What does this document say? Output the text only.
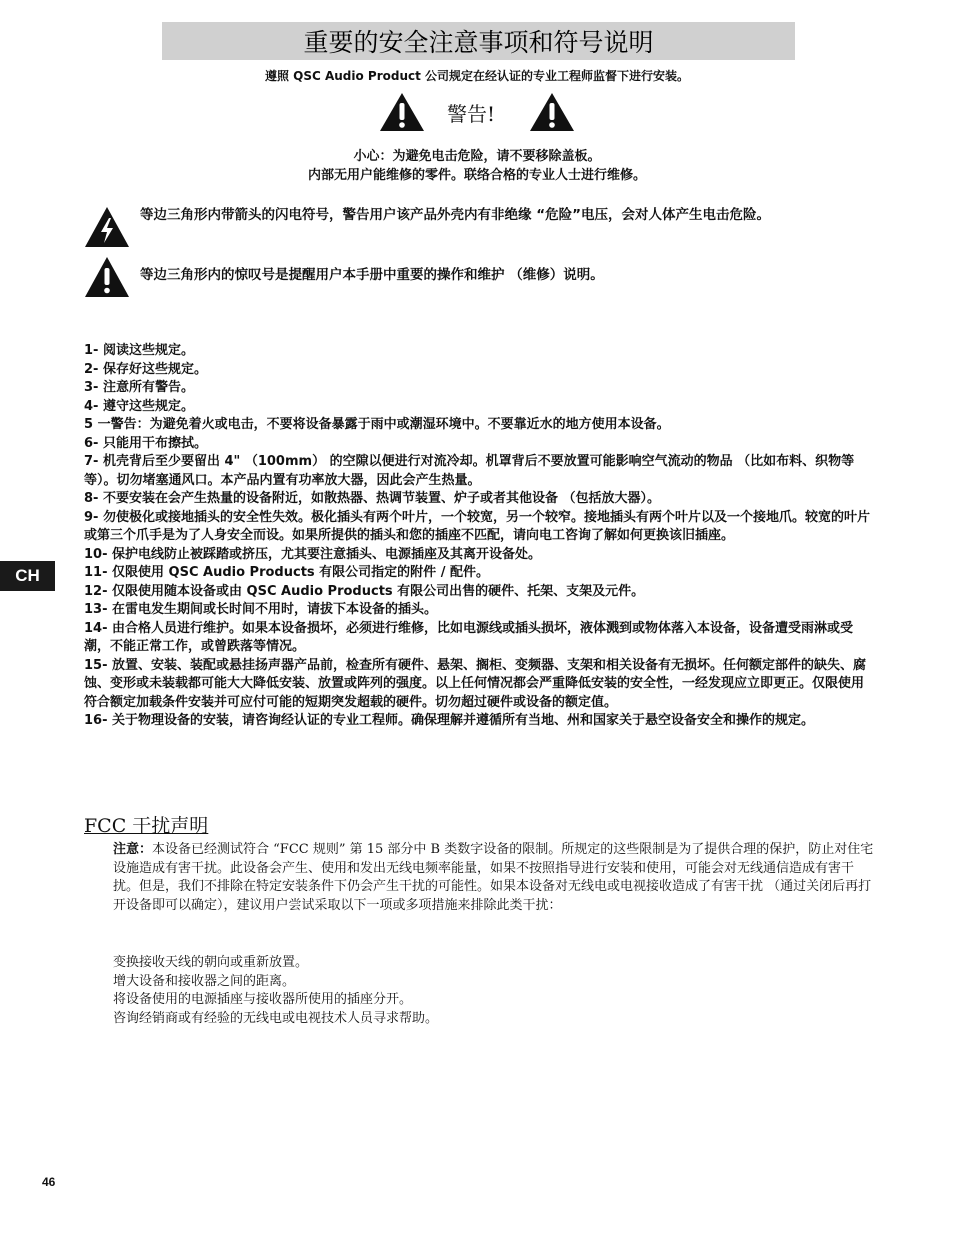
重要的安全注意事项和符号说明
遵照 QSC Audio Product 公司规定在经认证的专业工程师监督下进行安装。
警告!
小心：为避免电击危险，请不要移除盖板。
内部无用户能维修的零件。联络合格的专业人士进行维修。
等边三角形内带箭头的闪电符号，警告用户该产品外壳内有非绝缘 “危险”电压，会对人体产生电击危险。
等边三角形内的惊叹号是提醒用户本手册中重要的操作和维护 （维修）说明。
1- 阅读这些规定。
2- 保存好这些规定。
3- 注意所有警告。
4- 遵守这些规定。
5 一警告：为避免着火或电击，不要将设备暴露于雨中或潮湿环境中。不要靠近水的地方使用本设备。
6- 只能用干布擦拭。
7- 机壳背后至少要留出 4" （100mm） 的空隙以便进行对流冷却。机罩背后不要放置可能影响空气流动的物品 （比如布料、织物等等）。切勿堵塞通风口。本产品内置有功率放大器，因此会产生热量。
8- 不要安装在会产生热量的设备附近，如散热器、热调节装置、炉子或者其他设备 （包括放大器）。
9- 勿使极化或接地插头的安全性失效。极化插头有两个叶片，一个较宽，另一个较窄。接地插头有两个叶片以及一个接地爪。较宽的叶片或第三个爪手是为了人身安全而设。如果所提供的插头和您的插座不匹配，请向电工咨询了解如何更换该旧插座。
10- 保护电线防止被踩踏或挤压，尤其要注意插头、电源插座及其离开设备处。
11- 仅限使用 QSC Audio Products 有限公司指定的附件 / 配件。
12- 仅限使用随本设备或由 QSC Audio Products 有限公司出售的硬件、托架、支架及元件。
13- 在雷电发生期间或长时间不用时，请拔下本设备的插头。
14- 由合格人员进行维护。如果本设备损坏，必须进行维修，比如电源线或插头损坏，液体溅到或物体落入本设备，设备遭受雨淋或受潮，不能正常工作，或曾跌落等情况。
15- 放置、安装、装配或悬挂扬声器产品前，检查所有硬件、悬架、搁柜、变频器、支架和相关设备有无损坏。任何额定部件的缺失、腐蚀、变形或未装载都可能大大降低安装、放置或阵列的强度。以上任何情况都会严重降低安装的安全性，一经发现应立即更正。仅限使用符合额定加载条件安装并可应付可能的短期突发超载的硬件。切勿超过硬件或设备的额定值。
16- 关于物理设备的安装，请咨询经认证的专业工程师。确保理解并遵循所有当地、州和国家关于悬空设备安全和操作的规定。
CH
FCC 干扰声明
注意：本设备已经测试符合 “FCC 规则” 第 15 部分中 B 类数字设备的限制。所规定的这些限制是为了提供合理的保护，防止对住宅设施造成有害干扰。此设备会产生、使用和发出无线电频率能量，如果不按照指导进行安装和使用，可能会对无线通信造成有害干扰。但是，我们不排除在特定安装条件下仍会产生干扰的可能性。如果本设备对无线电或电视接收造成了有害干扰 （通过关闭后再打开设备即可以确定），建议用户尝试采取以下一项或多项措施来排除此类干扰：
变换接收天线的朝向或重新放置。
增大设备和接收器之间的距离。
将设备使用的电源插座与接收器所使用的插座分开。
咨询经销商或有经验的无线电或电视技术人员寻求帮助。
46
